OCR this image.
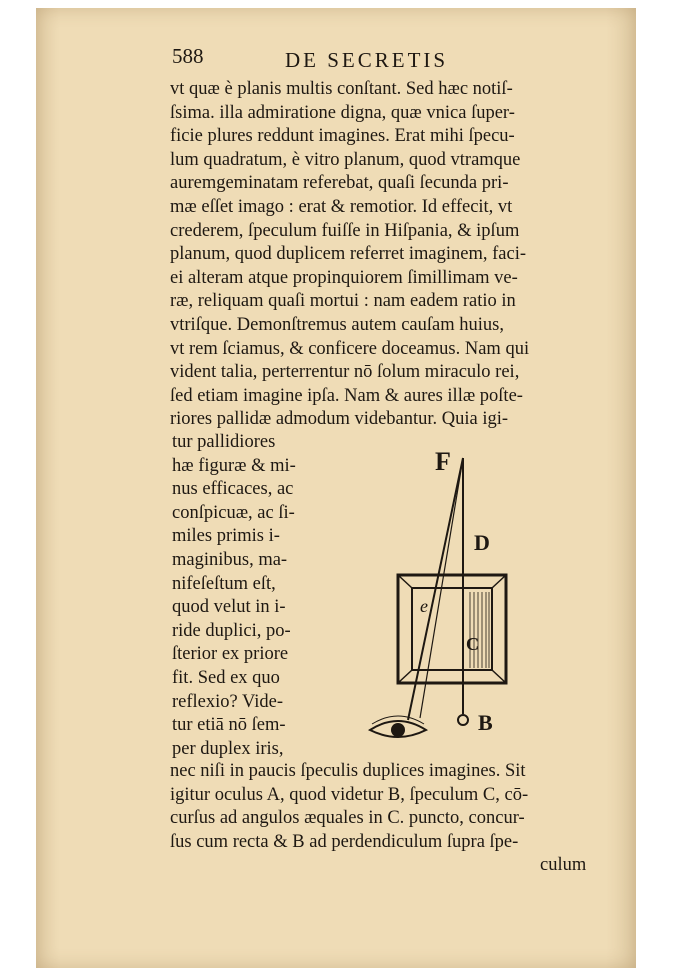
588	DE SECRETIS
vt quæ è planis multis conſtant. Sed hæc notiſ-
ſsima. illa admiratione digna, quæ vnica ſuper-
ficie plures reddunt imagines. Erat mihi ſpecu-
lum quadratum, è vitro planum, quod vtramque
auremgeminatam referebat, quaſi ſecunda pri-
mæ eſſet imago : erat & remotior. Id effecit, vt
crederem, ſpeculum fuiſſe in Hiſpania, & ipſum
planum, quod duplicem referret imaginem, faci-
ei alteram atque propinquiorem ſimillimam ve-
ræ, reliquam quaſi mortui : nam eadem ratio in
vtriſque. Demonſtremus autem cauſam huius,
vt rem ſciamus, & conficere doceamus. Nam qui
vident talia, perterrentur nō ſolum miraculo rei,
ſed etiam imagine ipſa. Nam & aures illæ poſte-
riores pallidæ admodum videbantur. Quia igi-
tur pallidiores
hæ figuræ & mi-
nus efficaces, ac
conſpicuæ, ac ſi-
miles primis i-
maginibus, ma-
nifeſeſtum eſt,
quod velut in i-
ride duplici, po-
ſterior ex priore
fit. Sed ex quo
reflexio? Vide-
tur etiā nō ſem-
per duplex iris,
nec niſi in paucis ſpeculis duplices imagines. Sit
igitur oculus A, quod videtur B, ſpeculum C, cō-
curſus ad angulos æquales in C. puncto, concur-
ſus cum recta & B ad perdendiculum ſupra ſpe-
culum
F
D
e
C
B
